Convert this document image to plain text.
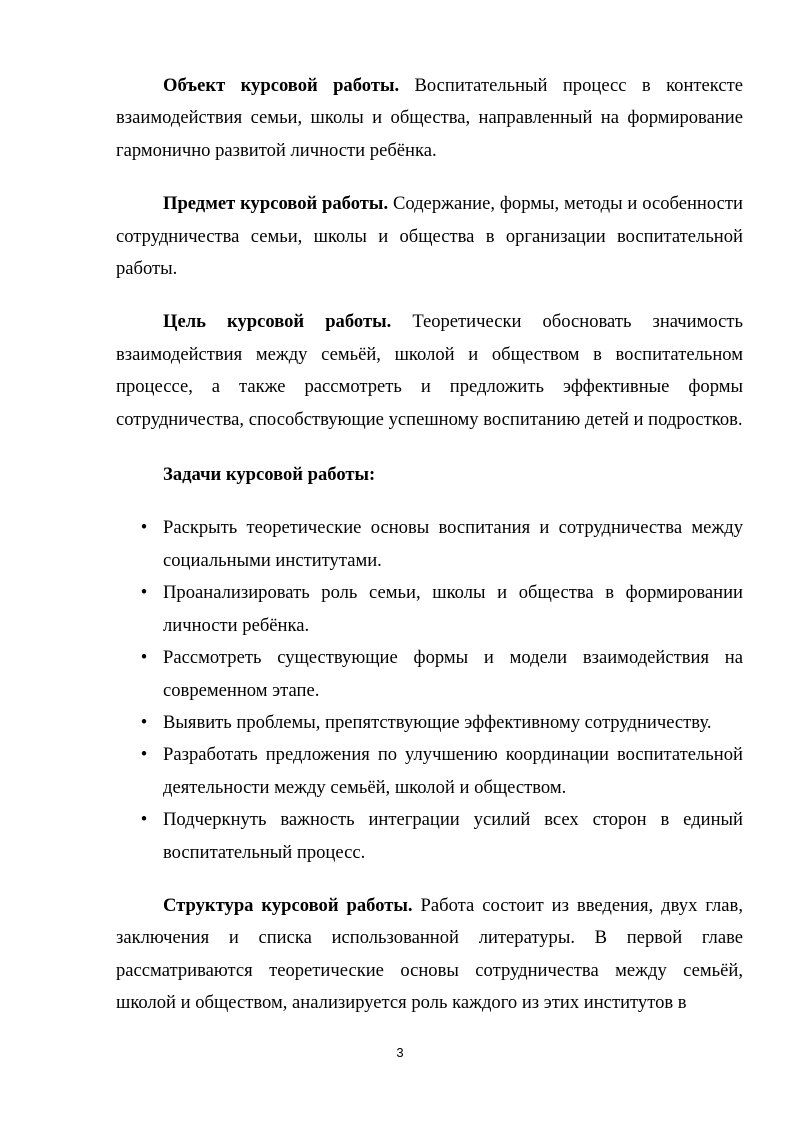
Объект курсовой работы. Воспитательный процесс в контексте взаимодействия семьи, школы и общества, направленный на формирование гармонично развитой личности ребёнка.

Предмет курсовой работы. Содержание, формы, методы и особенности сотрудничества семьи, школы и общества в организации воспитательной работы.

Цель курсовой работы. Теоретически обосновать значимость взаимодействия между семьёй, школой и обществом в воспитательном процессе, а также рассмотреть и предложить эффективные формы сотрудничества, способствующие успешному воспитанию детей и подростков.

Задачи курсовой работы:

• Раскрыть теоретические основы воспитания и сотрудничества между социальными институтами.
• Проанализировать роль семьи, школы и общества в формировании личности ребёнка.
• Рассмотреть существующие формы и модели взаимодействия на современном этапе.
• Выявить проблемы, препятствующие эффективному сотрудничеству.
• Разработать предложения по улучшению координации воспитательной деятельности между семьёй, школой и обществом.
• Подчеркнуть важность интеграции усилий всех сторон в единый воспитательный процесс.

Структура курсовой работы. Работа состоит из введения, двух глав, заключения и списка использованной литературы. В первой главе рассматриваются теоретические основы сотрудничества между семьёй, школой и обществом, анализируется роль каждого из этих институтов в

3
